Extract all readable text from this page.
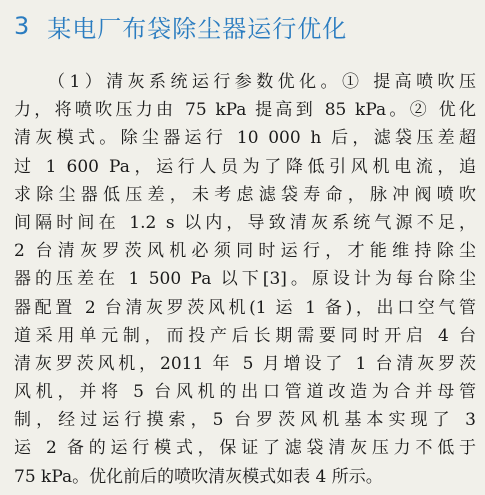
3 某电厂布袋除尘器运行优化
（1）清灰系统运行参数优化。① 提高喷吹压
力，将喷吹压力由 75 kPa 提高到 85 kPa。② 优化
清灰模式。除尘器运行 10 000 h 后，滤袋压差超
过 1 600 Pa，运行人员为了降低引风机电流，追
求除尘器低压差，未考虑滤袋寿命，脉冲阀喷吹
间隔时间在 1.2 s 以内，导致清灰系统气源不足，
2 台清灰罗茨风机必须同时运行，才能维持除尘
器的压差在 1 500 Pa 以下[3]。原设计为每台除尘
器配置 2 台清灰罗茨风机(1 运 1 备)，出口空气管
道采用单元制，而投产后长期需要同时开启 4 台
清灰罗茨风机，2011 年 5 月增设了 1 台清灰罗茨
风机，并将 5 台风机的出口管道改造为合并母管
制，经过运行摸索，5 台罗茨风机基本实现了 3
运 2 备的运行模式，保证了滤袋清灰压力不低于
75 kPa。优化前后的喷吹清灰模式如表 4 所示。
